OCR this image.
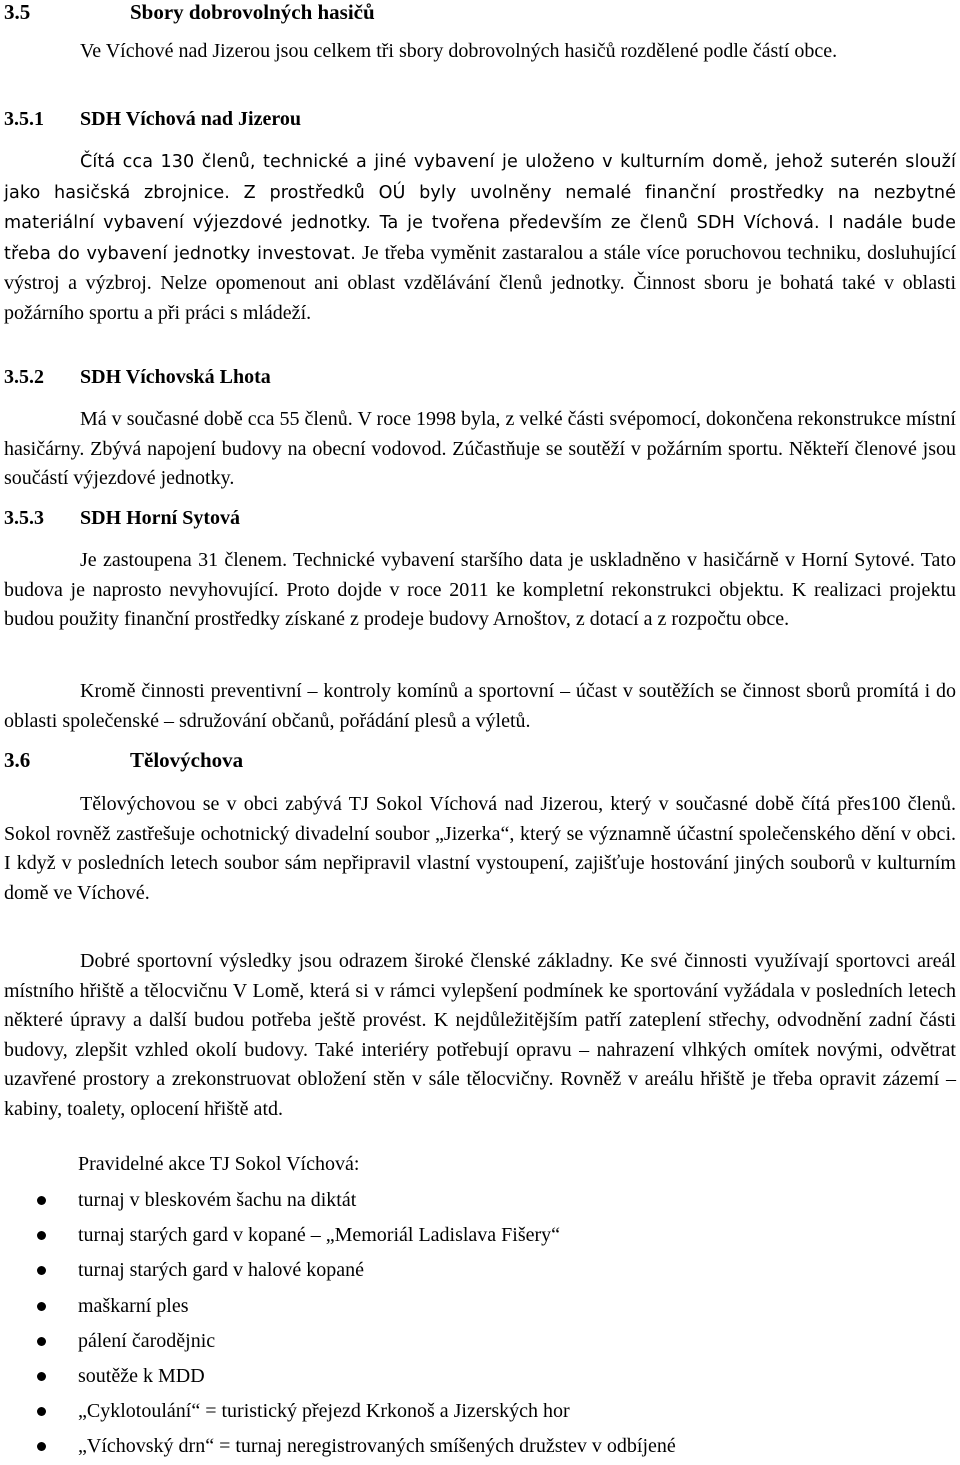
3.5	Sbory dobrovolných hasičů

Ve Víchové nad Jizerou jsou celkem tři sbory dobrovolných hasičů rozdělené podle částí obce.

3.5.1 SDH Víchová nad Jizerou

Čítá cca 130 členů, technické a jiné vybavení je uloženo v kulturním domě, jehož suterén slouží jako hasičská zbrojnice. Z prostředků OÚ byly uvolněny nemalé finanční prostředky na nezbytné materiální vybavení výjezdové jednotky. Ta je tvořena především ze členů SDH Víchová. I nadále bude třeba do vybavení jednotky investovat. Je třeba vyměnit zastaralou a stále více poruchovou techniku, dosluhující výstroj a výzbroj. Nelze opomenout ani oblast vzdělávání členů jednotky. Činnost sboru je bohatá také v oblasti požárního sportu a při práci s mládeží.

3.5.2 SDH Víchovská Lhota

Má v současné době cca 55 členů. V roce 1998 byla, z velké části svépomocí, dokončena rekonstrukce místní hasičárny. Zbývá napojení budovy na obecní vodovod. Zúčastňuje se soutěží v požárním sportu. Někteří členové jsou součástí výjezdové jednotky.

3.5.3 SDH Horní Sytová

Je zastoupena 31 členem. Technické vybavení staršího data je uskladněno v hasičárně v Horní Sytové. Tato budova je naprosto nevyhovující. Proto dojde v roce 2011 ke kompletní rekonstrukci objektu. K realizaci projektu budou použity finanční prostředky získané z prodeje budovy Arnoštov, z dotací a z rozpočtu obce.

Kromě činnosti preventivní – kontroly komínů a sportovní – účast v soutěžích se činnost sborů promítá i do oblasti společenské – sdružování občanů, pořádání plesů a výletů.

3.6	Tělovýchova

Tělovýchovou se v obci zabývá TJ Sokol Víchová nad Jizerou, který v současné době čítá přes100 členů. Sokol rovněž zastřešuje ochotnický divadelní soubor „Jizerka“, který se významně účastní společenského dění v obci. I když v posledních letech soubor sám nepřipravil vlastní vystoupení, zajišťuje hostování jiných souborů v kulturním domě ve Víchové.

Dobré sportovní výsledky jsou odrazem široké členské základny. Ke své činnosti využívají sportovci areál místního hřiště a tělocvičnu V Lomě, která si v rámci vylepšení podmínek ke sportování vyžádala v posledních letech některé úpravy a další budou potřeba ještě provést. K nejdůležitějším patří zateplení střechy, odvodnění zadní části budovy, zlepšit vzhled okolí budovy. Také interiéry potřebují opravu – nahrazení vlhkých omítek novými, odvětrat uzavřené prostory a zrekonstruovat obložení stěn v sále tělocvičny. Rovněž v areálu hřiště je třeba opravit zázemí – kabiny, toalety, oplocení hřiště atd.

Pravidelné akce TJ Sokol Víchová:

turnaj v bleskovém šachu na diktát
turnaj starých gard v kopané – „Memoriál Ladislava Fišery“
turnaj starých gard v halové kopané
maškarní ples
pálení čarodějnic
soutěže k MDD
„Cyklotoulání“ = turistický přejezd Krkonoš a Jizerských hor
„Víchovský drn“ = turnaj neregistrovaných smíšených družstev v odbíjené
